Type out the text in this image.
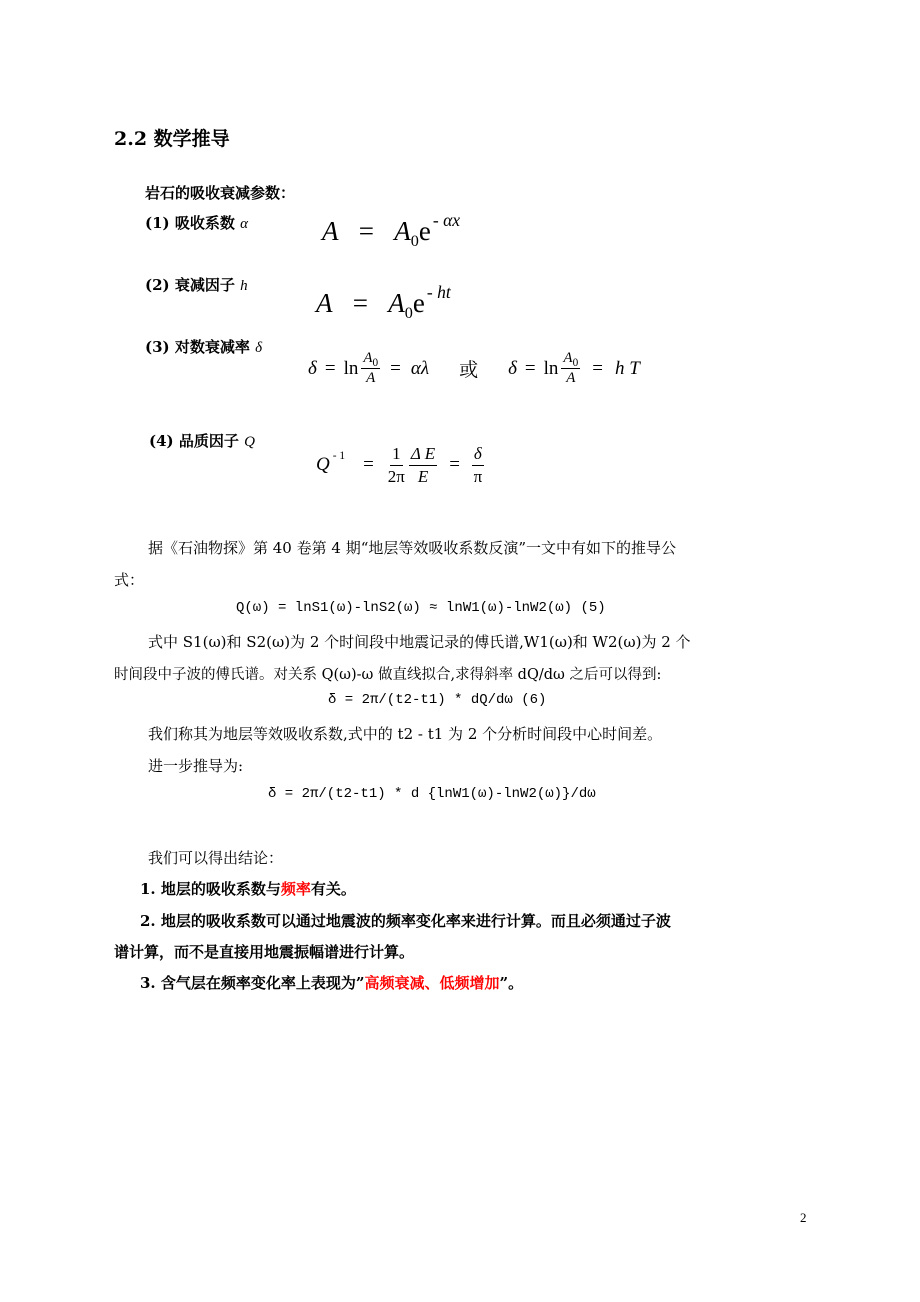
2.2 数学推导
岩石的吸收衰减参数：
(1) 吸收系数 α
(2) 衰减因子 h
(3) 对数衰减率 δ
(4) 品质因子 Q
$A = A_0e$ $^{- \alpha x}$
$A = A_0e$ $^{- ht}$
$\delta = \ln \frac{A_0}{A} = \alpha\lambda$ 或 $\delta = \ln \frac{A_0}{A} = h$ T
$Q - 1 = \frac{1}{2\pi} \frac{\text{Δ E}}{E} = \frac{\delta}{\pi}$
据《石油物探》第 40 卷第 4 期“地层等效吸收系数反演”一文中有如下的推导公
式：
Q(ω) = lnS1(ω)-lnS2(ω) ≈ lnW1(ω)-lnW2(ω) (5)
式中 S1(ω)和 S2(ω)为 2 个时间段中地震记录的傅氏谱,W1(ω)和 W2(ω)为 2 个
时间段中子波的傅氏谱。对关系 Q(ω)-ω 做直线拟合,求得斜率 dQ/dω 之后可以得到:
δ = 2π/(t2-t1) * dQ/dω (6)
我们称其为地层等效吸收系数,式中的 t2 - t1 为 2 个分析时间段中心时间差。
进一步推导为:
δ = 2π/(t2-t1) * d {lnW1(ω)-lnW2(ω)}/dω
我们可以得出结论：
1. 地层的吸收系数与频率有关。
2. 地层的吸收系数可以通过地震波的频率变化率来进行计算。而且必须通过子波
谱计算，而不是直接用地震振幅谱进行计算。
3. 含气层在频率变化率上表现为”高频衰减、低频增加”。
2
